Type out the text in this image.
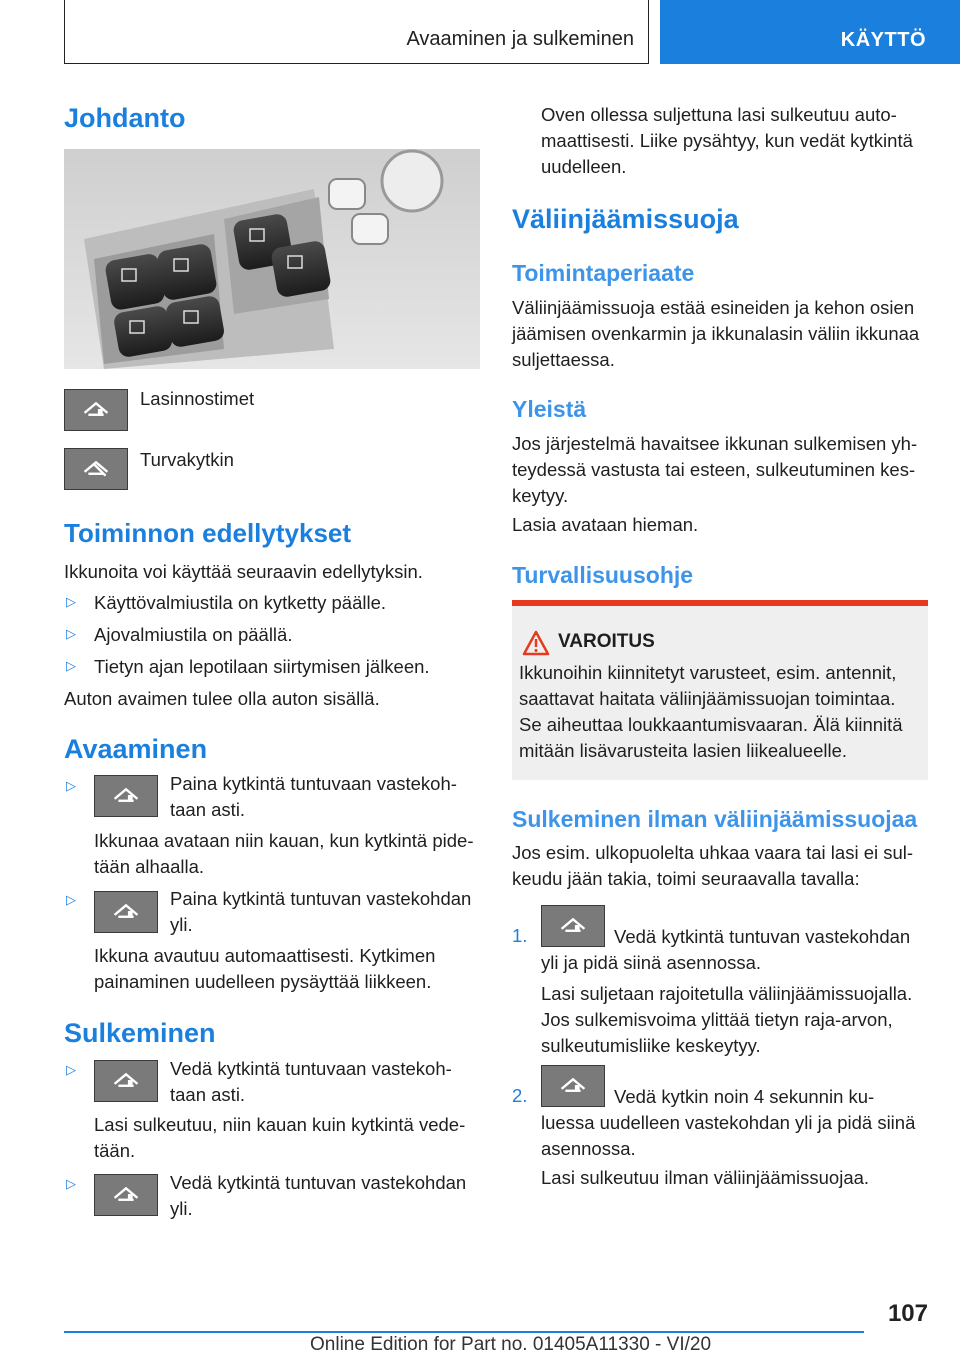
Avaaminen ja sulkeminen	KÄYTTÖ
Johdanto
Lasinnostimet
Turvakytkin
Toiminnon edellytykset
Ikkunoita voi käyttää seuraavin edellytyksin.
▷ Käyttövalmiustila on kytketty päälle.
▷ Ajovalmiustila on päällä.
▷ Tietyn ajan lepotilaan siirtymisen jälkeen.
Auton avaimen tulee olla auton sisällä.
Avaaminen
▷	Paina kytkintä tuntuvaan vastekoh-
taan asti.
Ikkunaa avataan niin kauan, kun kytkintä pide-
tään alhaalla.
▷	Paina kytkintä tuntuvan vastekohdan
yli.
Ikkuna avautuu automaattisesti. Kytkimen
painaminen uudelleen pysäyttää liikkeen.
Sulkeminen
▷	Vedä kytkintä tuntuvaan vastekoh-
taan asti.
Lasi sulkeutuu, niin kauan kuin kytkintä vede-
tään.
▷	Vedä kytkintä tuntuvan vastekohdan
yli.
Oven ollessa suljettuna lasi sulkeutuu auto-
maattisesti. Liike pysähtyy, kun vedät kytkintä
uudelleen.
Väliinjäämissuoja
Toimintaperiaate
Väliinjäämissuoja estää esineiden ja kehon osien
jäämisen ovenkarmin ja ikkunalasin väliin ikkunaa
suljettaessa.
Yleistä
Jos järjestelmä havaitsee ikkunan sulkemisen yh-
teydessä vastusta tai esteen, sulkeutuminen kes-
keytyy.
Lasia avataan hieman.
Turvallisuusohje
VAROITUS
Ikkunoihin kiinnitetyt varusteet, esim. antennit,
saattavat haitata väliinjäämissuojan toimintaa.
Se aiheuttaa loukkaantumisvaaran. Älä kiinnitä
mitään lisävarusteita lasien liikealueelle.
Sulkeminen ilman väliinjäämissuojaa
Jos esim. ulkopuolelta uhkaa vaara tai lasi ei sul-
keudu jään takia, toimi seuraavalla tavalla:
1.	Vedä kytkintä tuntuvan vastekohdan
yli ja pidä siinä asennossa.
Lasi suljetaan rajoitetulla väliinjäämissuojalla.
Jos sulkemisvoima ylittää tietyn raja-arvon,
sulkeutumisliike keskeytyy.
2.	Vedä kytkin noin 4 sekunnin ku-
luessa uudelleen vastekohdan yli ja pidä siinä
asennossa.
Lasi sulkeutuu ilman väliinjäämissuojaa.
107
Online Edition for Part no. 01405A11330 - VI/20
